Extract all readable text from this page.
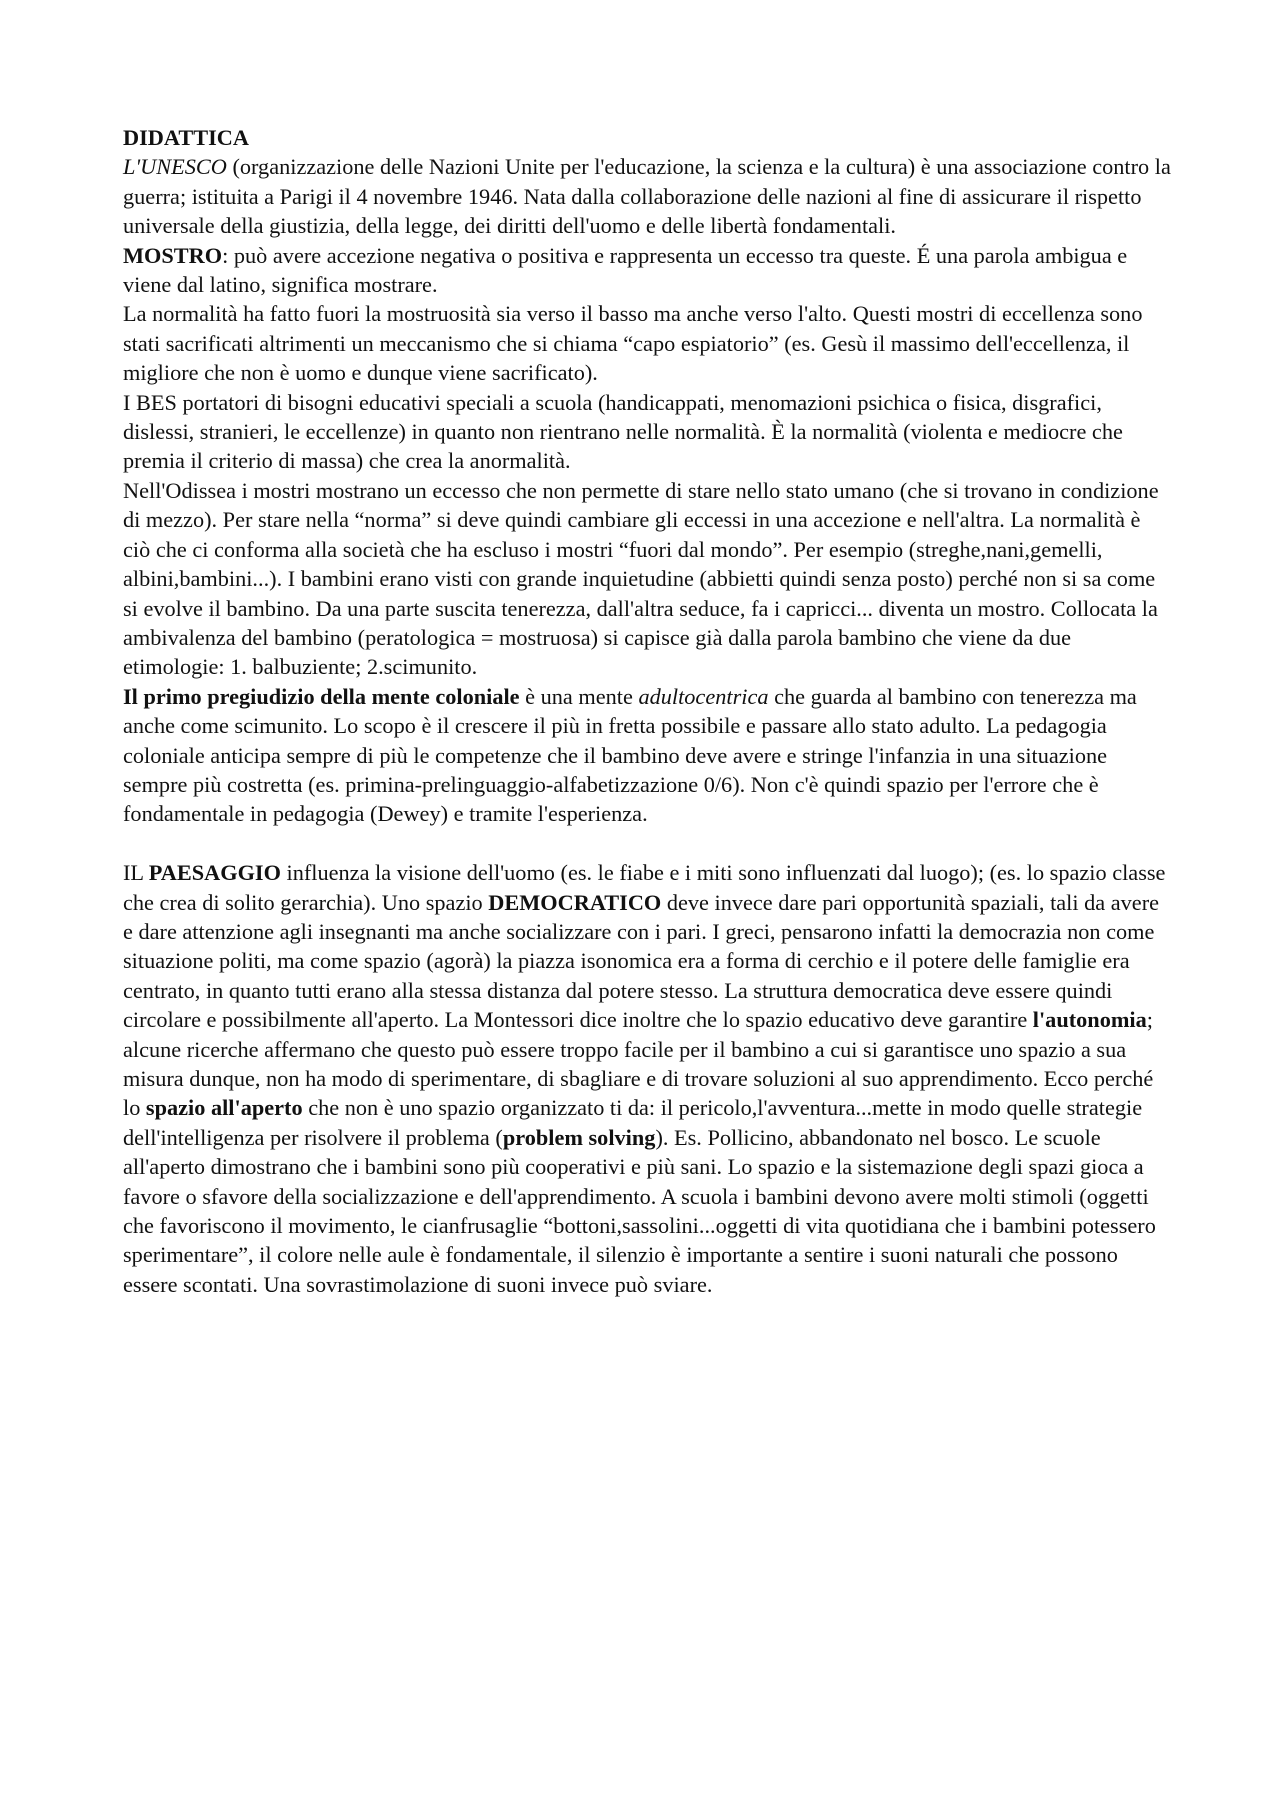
DIDATTICA

L'UNESCO (organizzazione delle Nazioni Unite per l'educazione, la scienza e la cultura) è una associazione contro la guerra; istituita a Parigi il 4 novembre 1946. Nata dalla collaborazione delle nazioni al fine di assicurare il rispetto universale della giustizia, della legge, dei diritti dell'uomo e delle libertà fondamentali.

MOSTRO: può avere accezione negativa o positiva e rappresenta un eccesso tra queste. É una parola ambigua e viene dal latino, significa mostrare.

La normalità ha fatto fuori la mostruosità sia verso il basso ma anche verso l'alto. Questi mostri di eccellenza sono stati sacrificati altrimenti un meccanismo che si chiama “capo espiatorio” (es. Gesù il massimo dell'eccellenza, il migliore che non è uomo e dunque viene sacrificato).

I BES portatori di bisogni educativi speciali a scuola (handicappati, menomazioni psichica o fisica, disgrafici, dislessi, stranieri, le eccellenze) in quanto non rientrano nelle normalità. È la normalità (violenta e mediocre che premia il criterio di massa) che crea la anormalità.

Nell'Odissea i mostri mostrano un eccesso che non permette di stare nello stato umano (che si trovano in condizione di mezzo). Per stare nella “norma” si deve quindi cambiare gli eccessi in una accezione e nell'altra. La normalità è ciò che ci conforma alla società che ha escluso i mostri “fuori dal mondo”. Per esempio (streghe,nani,gemelli, albini,bambini...). I bambini erano visti con grande inquietudine (abbietti quindi senza posto) perché non si sa come si evolve il bambino. Da una parte suscita tenerezza, dall'altra seduce, fa i capricci... diventa un mostro. Collocata la ambivalenza del bambino (peratologica = mostruosa) si capisce già dalla parola bambino che viene da due etimologie: 1. balbuziente; 2.scimunito.

Il primo pregiudizio della mente coloniale è una mente adultocentrica che guarda al bambino con tenerezza ma anche come scimunito. Lo scopo è il crescere il più in fretta possibile e passare allo stato adulto. La pedagogia coloniale anticipa sempre di più le competenze che il bambino deve avere e stringe l'infanzia in una situazione sempre più costretta (es. primina-prelinguaggio-alfabetizzazione 0/6). Non c'è quindi spazio per l'errore che è fondamentale in pedagogia (Dewey) e tramite l'esperienza.

IL PAESAGGIO influenza la visione dell'uomo (es. le fiabe e i miti sono influenzati dal luogo); (es. lo spazio classe che crea di solito gerarchia). Uno spazio DEMOCRATICO deve invece dare pari opportunità spaziali, tali da avere e dare attenzione agli insegnanti ma anche socializzare con i pari. I greci, pensarono infatti la democrazia non come situazione politi, ma come spazio (agorà) la piazza isonomica era a forma di cerchio e il potere delle famiglie era centrato, in quanto tutti erano alla stessa distanza dal potere stesso. La struttura democratica deve essere quindi circolare e possibilmente all'aperto. La Montessori dice inoltre che lo spazio educativo deve garantire l'autonomia; alcune ricerche affermano che questo può essere troppo facile per il bambino a cui si garantisce uno spazio a sua misura dunque, non ha modo di sperimentare, di sbagliare e di trovare soluzioni al suo apprendimento. Ecco perché lo spazio all'aperto che non è uno spazio organizzato ti da: il pericolo,l'avventura...mette in modo quelle strategie dell'intelligenza per risolvere il problema (problem solving). Es. Pollicino, abbandonato nel bosco. Le scuole all'aperto dimostrano che i bambini sono più cooperativi e più sani. Lo spazio e la sistemazione degli spazi gioca a favore o sfavore della socializzazione e dell'apprendimento. A scuola i bambini devono avere molti stimoli (oggetti che favoriscono il movimento, le cianfrusaglie “bottoni,sassolini...oggetti di vita quotidiana che i bambini potessero sperimentare”, il colore nelle aule è fondamentale, il silenzio è importante a sentire i suoni naturali che possono essere scontati. Una sovrastimolazione di suoni invece può sviare.
